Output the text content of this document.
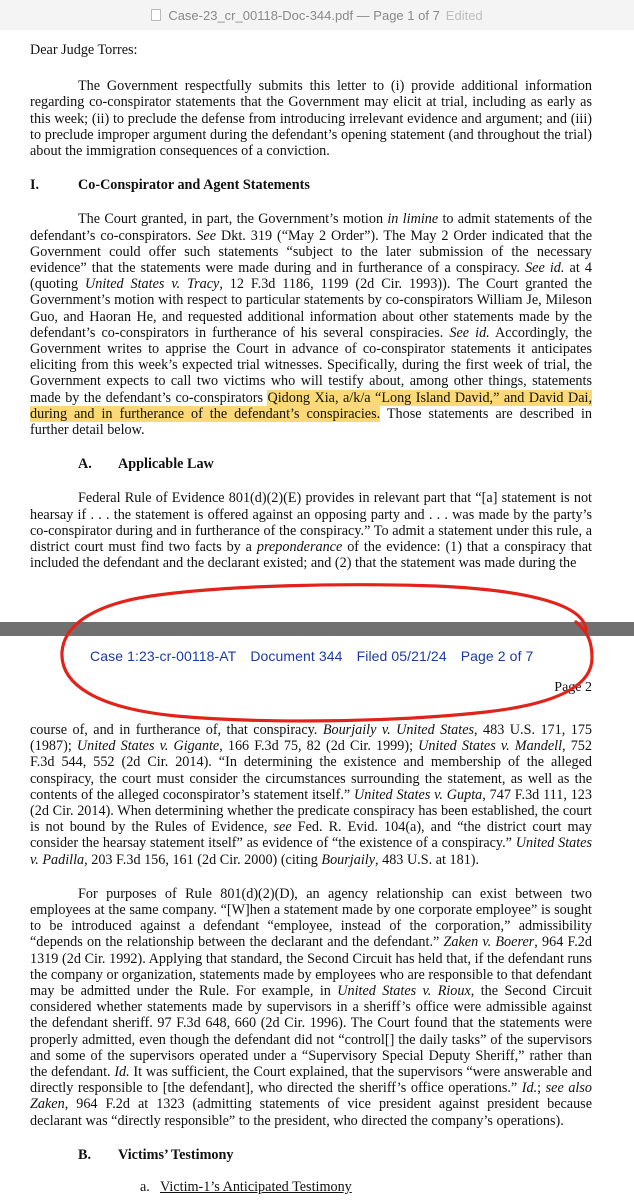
Case-23_cr_00118-Doc-344.pdf — Page 1 of 7 Edited

Dear Judge Torres:

The Government respectfully submits this letter to (i) provide additional information regarding co-conspirator statements that the Government may elicit at trial, including as early as this week; (ii) to preclude the defense from introducing irrelevant evidence and argument; and (iii) to preclude improper argument during the defendant’s opening statement (and throughout the trial) about the immigration consequences of a conviction.

I.	Co-Conspirator and Agent Statements

The Court granted, in part, the Government’s motion in limine to admit statements of the defendant’s co-conspirators. See Dkt. 319 (“May 2 Order”). The May 2 Order indicated that the Government could offer such statements “subject to the later submission of the necessary evidence” that the statements were made during and in furtherance of a conspiracy. See id. at 4 (quoting United States v. Tracy, 12 F.3d 1186, 1199 (2d Cir. 1993)). The Court granted the Government’s motion with respect to particular statements by co-conspirators William Je, Mileson Guo, and Haoran He, and requested additional information about other statements made by the defendant’s co-conspirators in furtherance of his several conspiracies. See id. Accordingly, the Government writes to apprise the Court in advance of co-conspirator statements it anticipates eliciting from this week’s expected trial witnesses. Specifically, during the first week of trial, the Government expects to call two victims who will testify about, among other things, statements made by the defendant’s co-conspirators Qidong Xia, a/k/a “Long Island David,” and David Dai, during and in furtherance of the defendant’s conspiracies. Those statements are described in further detail below.

A. Applicable Law

Federal Rule of Evidence 801(d)(2)(E) provides in relevant part that “[a] statement is not hearsay if . . . the statement is offered against an opposing party and . . . was made by the party’s co-conspirator during and in furtherance of the conspiracy.” To admit a statement under this rule, a district court must find two facts by a preponderance of the evidence: (1) that a conspiracy that included the defendant and the declarant existed; and (2) that the statement was made during the

Case 1:23-cr-00118-AT Document 344 Filed 05/21/24 Page 2 of 7
Page 2

course of, and in furtherance of, that conspiracy. Bourjaily v. United States, 483 U.S. 171, 175 (1987); United States v. Gigante, 166 F.3d 75, 82 (2d Cir. 1999); United States v. Mandell, 752 F.3d 544, 552 (2d Cir. 2014). “In determining the existence and membership of the alleged conspiracy, the court must consider the circumstances surrounding the statement, as well as the contents of the alleged coconspirator’s statement itself.” United States v. Gupta, 747 F.3d 111, 123 (2d Cir. 2014). When determining whether the predicate conspiracy has been established, the court is not bound by the Rules of Evidence, see Fed. R. Evid. 104(a), and “the district court may consider the hearsay statement itself” as evidence of “the existence of a conspiracy.” United States v. Padilla, 203 F.3d 156, 161 (2d Cir. 2000) (citing Bourjaily, 483 U.S. at 181).

For purposes of Rule 801(d)(2)(D), an agency relationship can exist between two employees at the same company. “[W]hen a statement made by one corporate employee” is sought to be introduced against a defendant “employee, instead of the corporation,” admissibility “depends on the relationship between the declarant and the defendant.” Zaken v. Boerer, 964 F.2d 1319 (2d Cir. 1992). Applying that standard, the Second Circuit has held that, if the defendant runs the company or organization, statements made by employees who are responsible to that defendant may be admitted under the Rule. For example, in United States v. Rioux, the Second Circuit considered whether statements made by supervisors in a sheriff’s office were admissible against the defendant sheriff. 97 F.3d 648, 660 (2d Cir. 1996). The Court found that the statements were properly admitted, even though the defendant did not “control[] the daily tasks” of the supervisors and some of the supervisors operated under a “Supervisory Special Deputy Sheriff,” rather than the defendant. Id. It was sufficient, the Court explained, that the supervisors “were answerable and directly responsible to [the defendant], who directed the sheriff’s office operations.” Id.; see also Zaken, 964 F.2d at 1323 (admitting statements of vice president against president because declarant was “directly responsible” to the president, who directed the company’s operations).

B. Victims’ Testimony

a. Victim-1’s Anticipated Testimony
